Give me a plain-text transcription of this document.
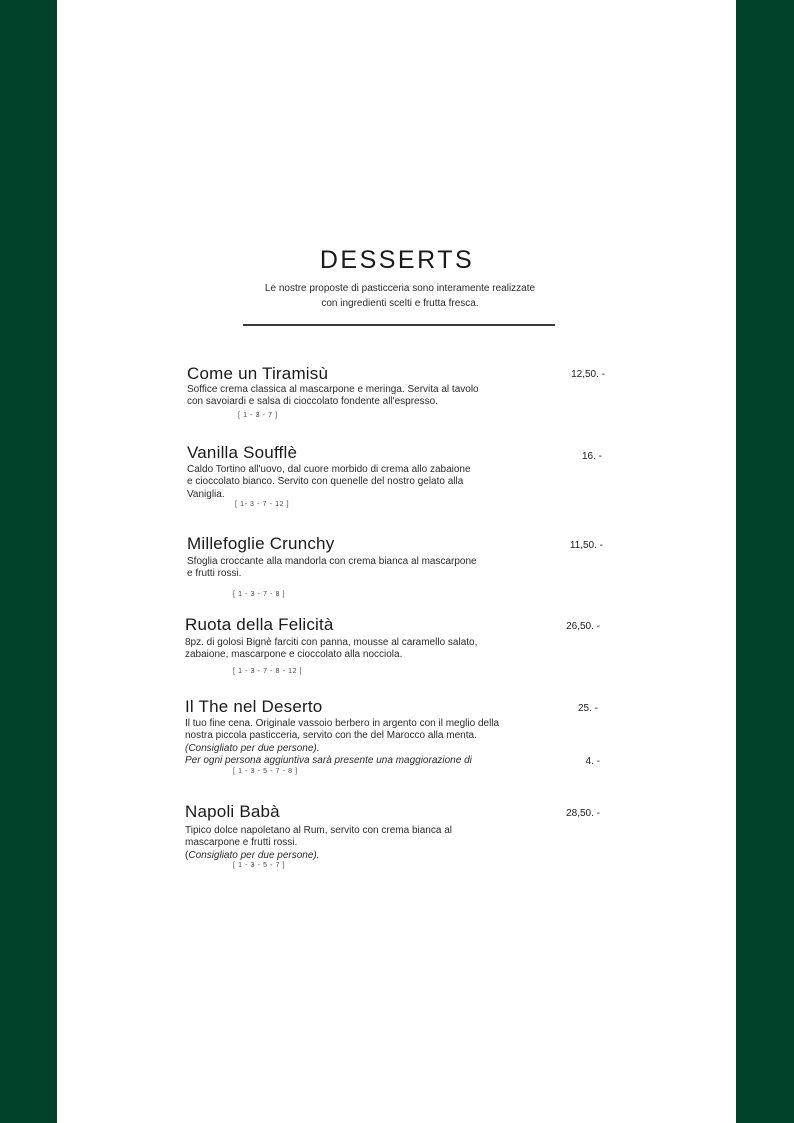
DESSERTS
Le nostre proposte di pasticceria sono interamente realizzate
con ingredienti scelti e frutta fresca.
Come un Tiramisù	12,50. -
Soffice crema classica al mascarpone e meringa. Servita al tavolo
con savoiardi e salsa di cioccolato fondente all'espresso.
[ 1 - 3 - 7 ]
Vanilla Soufflè	16. -
Caldo Tortino all'uovo, dal cuore morbido di crema allo zabaione
e cioccolato bianco. Servito con quenelle del nostro gelato alla
Vaniglia.
[ 1- 3 - 7 - 12 ]
Millefoglie Crunchy	11,50. -
Sfoglia croccante alla mandorla con crema bianca al mascarpone
e frutti rossi.
[ 1 - 3 - 7 - 8 ]
Ruota della Felicità	26,50. -
8pz. di golosi Bignè farciti con panna, mousse al caramello salato,
zabaione, mascarpone e cioccolato alla nocciola.
[ 1 - 3 - 7 - 8 - 12 ]
Il The nel Deserto	25. -
Il tuo fine cena. Originale vassoio berbero in argento con il meglio della
nostra piccola pasticceria, servito con the del Marocco alla menta.
(Consigliato per due persone).
Per ogni persona aggiuntiva sarà presente una maggiorazione di	4. -
[ 1 - 3 - 5 - 7 - 8 ]
Napoli Babà	28,50. -
Tipico dolce napoletano al Rum, servito con crema bianca al
mascarpone e frutti rossi.
(Consigliato per due persone).
[ 1 - 3 - 5 - 7 ]
